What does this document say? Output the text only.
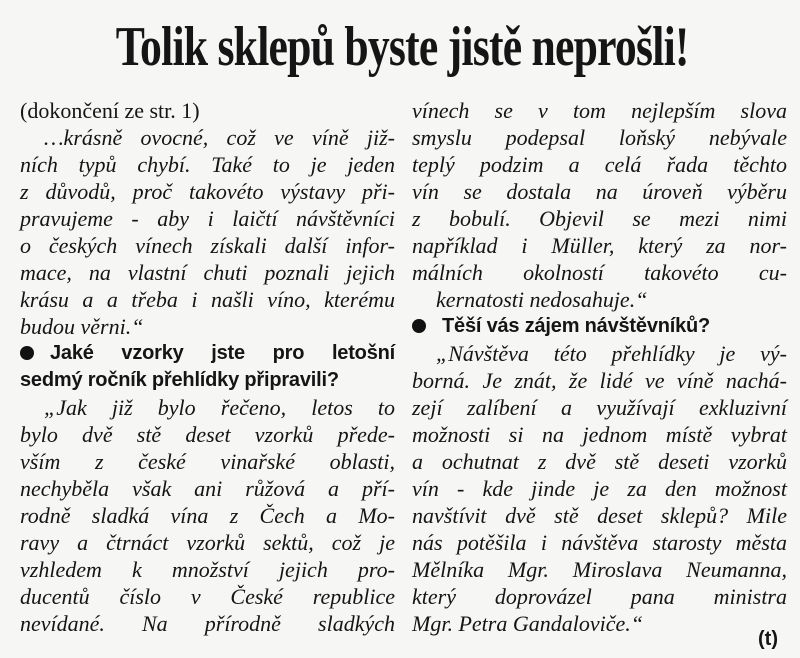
Tolik sklepů byste jistě neprošli!
(dokončení ze str. 1)
…krásně ovocné, což ve víně již-
ních typů chybí. Také to je jeden
z důvodů, proč takovéto výstavy při-
pravujeme - aby i laičtí návštěvníci
o českých vínech získali další infor-
mace, na vlastní chuti poznali jejich
krásu a a třeba i našli víno, kterému
budou věrni.“
Jaké vzorky jste pro letošní
sedmý ročník přehlídky připravili?
„Jak již bylo řečeno, letos to
bylo dvě stě deset vzorků přede-
vším z české vinařské oblasti,
nechyběla však ani růžová a pří-
rodně sladká vína z Čech a Mo-
ravy a čtrnáct vzorků sektů, což je
vzhledem k množství jejich pro-
ducentů číslo v České republice
nevídané. Na přírodně sladkých
vínech se v tom nejlepším slova
smyslu podepsal loňský nebývale
teplý podzim a celá řada těchto
vín se dostala na úroveň výběru
z bobulí. Objevil se mezi nimi
například i Müller, který za nor-
málních okolností takovéto cu-
kernatosti nedosahuje.“
Těší vás zájem návštěvníků?
„Návštěva této přehlídky je vý-
borná. Je znát, že lidé ve víně nachá-
zejí zalíbení a využívají exkluzivní
možnosti si na jednom místě vybrat
a ochutnat z dvě stě deseti vzorků
vín - kde jinde je za den možnost
navštívit dvě stě deset sklepů? Mile
nás potěšila i návštěva starosty města
Mělníka Mgr. Miroslava Neumanna,
který doprovázel pana ministra
Mgr. Petra Gandaloviče.“
(t)
